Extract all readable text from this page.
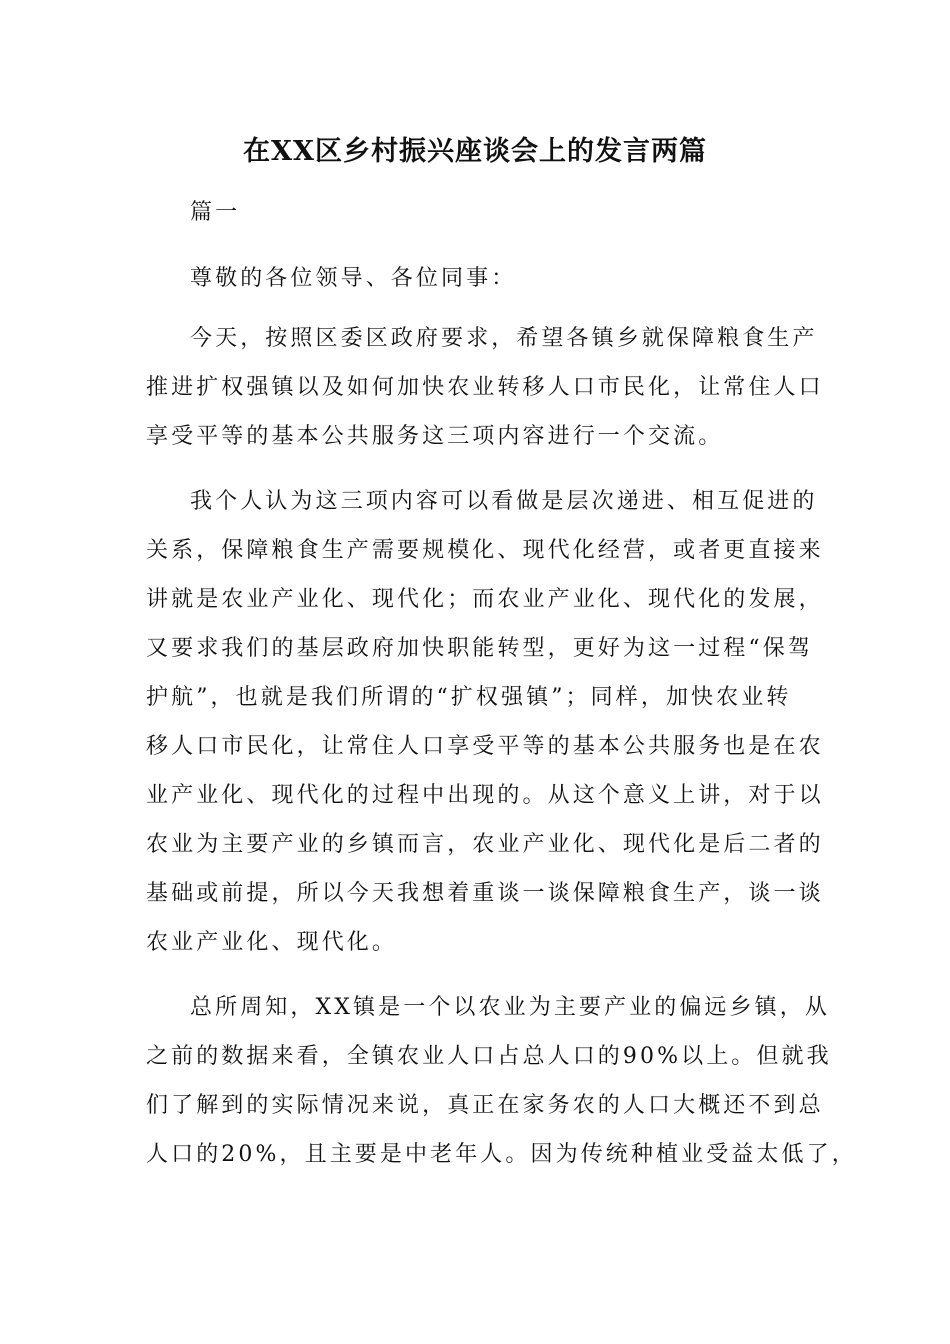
在XX区乡村振兴座谈会上的发言两篇

篇一

尊敬的各位领导、各位同事：

今天，按照区委区政府要求，希望各镇乡就保障粮食生产

推进扩权强镇以及如何加快农业转移人口市民化，让常住人口

享受平等的基本公共服务这三项内容进行一个交流。

我个人认为这三项内容可以看做是层次递进、相互促进的

关系，保障粮食生产需要规模化、现代化经营，或者更直接来

讲就是农业产业化、现代化；而农业产业化、现代化的发展，

又要求我们的基层政府加快职能转型，更好为这一过程“保驾

护航”，也就是我们所谓的“扩权强镇”；同样，加快农业转

移人口市民化，让常住人口享受平等的基本公共服务也是在农

业产业化、现代化的过程中出现的。从这个意义上讲，对于以

农业为主要产业的乡镇而言，农业产业化、现代化是后二者的

基础或前提，所以今天我想着重谈一谈保障粮食生产，谈一谈

农业产业化、现代化。

总所周知，XX镇是一个以农业为主要产业的偏远乡镇，从

之前的数据来看，全镇农业人口占总人口的90%以上。但就我

们了解到的实际情况来说，真正在家务农的人口大概还不到总

人口的20%，且主要是中老年人。因为传统种植业受益太低了，
